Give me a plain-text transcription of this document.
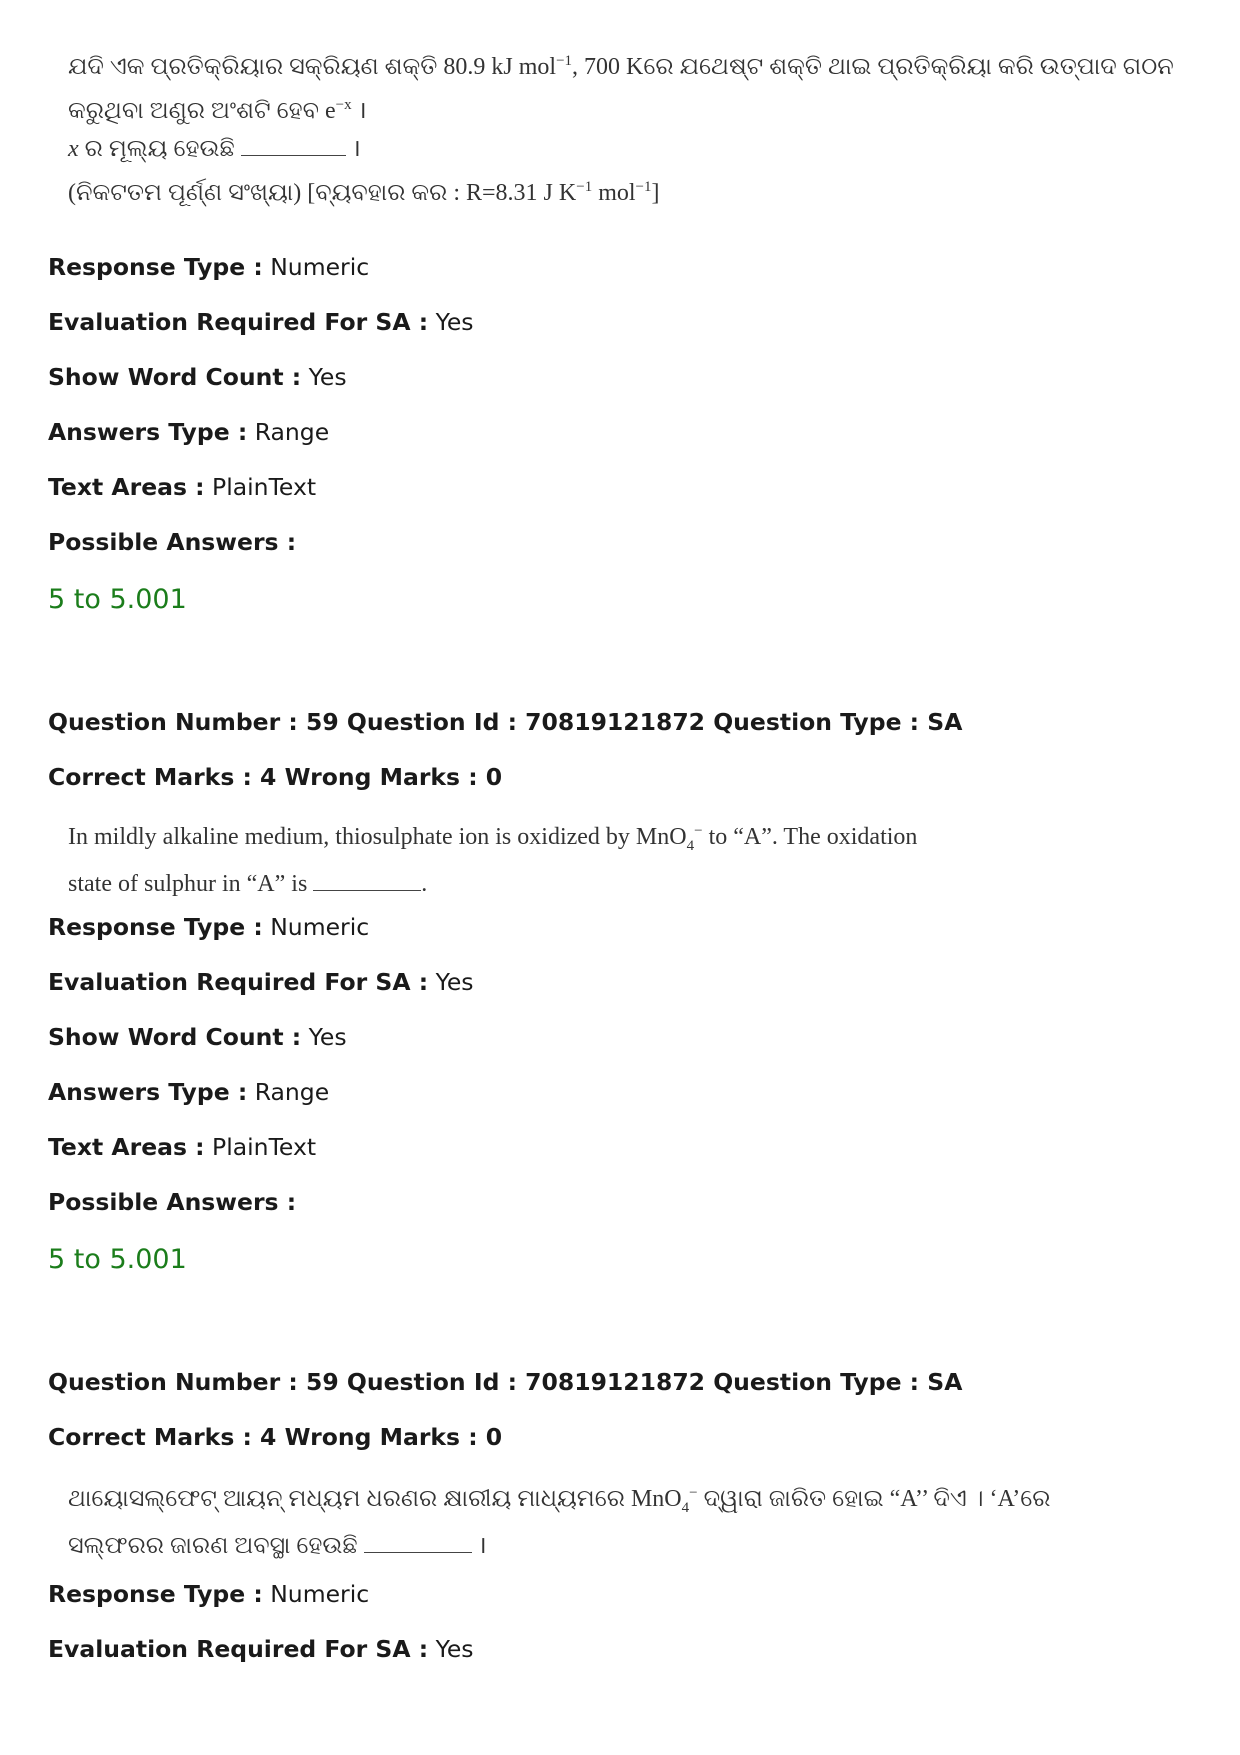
ଯଦି ଏକ ପ୍ରତିକ୍ରିୟାର ସକ୍ରିୟଣ ଶକ୍ତି 80.9 kJ mol$^{-1}$, 700 Kରେ ଯଥେଷ୍ଟ ଶକ୍ତି ଥାଇ ପ୍ରତିକ୍ରିୟା କରି ଉତ୍ପାଦ ଗଠନ
କରୁଥିବା ଅଣୁର ଅଂଶଟି ହେବ $e^{-x}$ ।
x ର ମୂଲ୍ୟ ହେଉଛି	।
(ନିକଟତମ ପୂର୍ଣ୍ଣ ସଂଖ୍ୟା) [ବ୍ୟବହାର କର : R=8.31 J $K^{-1}$ mol$^{-1}$]
Response Type : Numeric
Evaluation Required For SA : Yes
Show Word Count : Yes
Answers Type : Range
Text Areas : PlainText
Possible Answers :
5 to 5.001
Question Number : 59 Question Id : 70819121872 Question Type : SA
Correct Marks : 4 Wrong Marks : 0
In mildly alkaline medium, thiosulphate ion is oxidized by MnO$_4$− to “A”. The oxidation
state of sulphur in “A” is	.
Response Type : Numeric
Evaluation Required For SA : Yes
Show Word Count : Yes
Answers Type : Range
Text Areas : PlainText
Possible Answers :
5 to 5.001
Question Number : 59 Question Id : 70819121872 Question Type : SA
Correct Marks : 4 Wrong Marks : 0
ଥାୟୋସଲ୍ଫେଟ୍ ଆୟନ୍ ମଧ୍ୟମ ଧରଣର କ୍ଷାରୀୟ ମାଧ୍ୟମରେ MnO$_4$− ଦ୍ୱାରା ଜାରିତ ହୋଇ “A’’ ଦିଏ । ‘A’ରେ
ସଲ୍ଫରର ଜାରଣ ଅବସ୍ଥା ହେଉଛି	।
Response Type : Numeric
Evaluation Required For SA : Yes
